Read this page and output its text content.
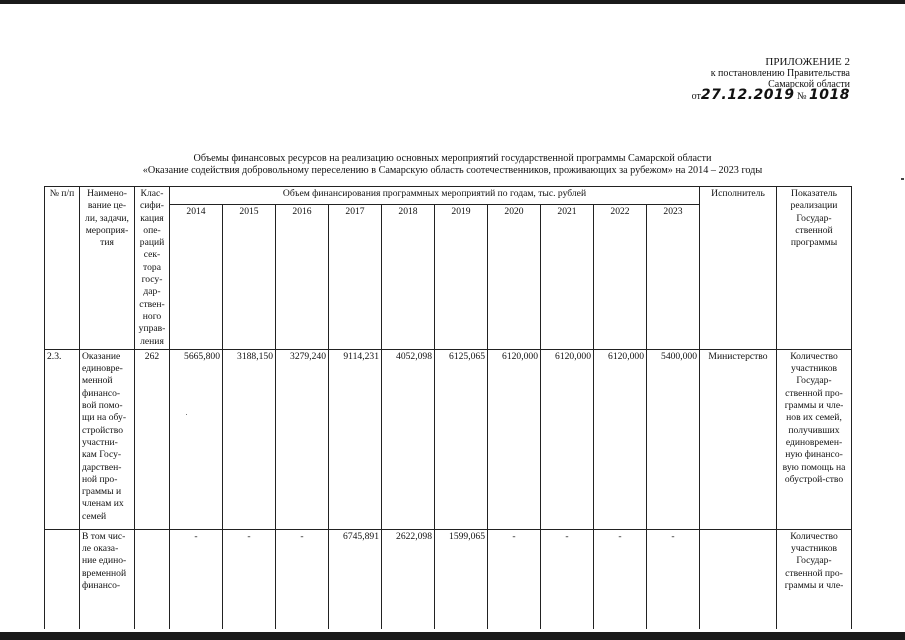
ПРИЛОЖЕНИЕ 2
к постановлению Правительства
Самарской области
от27.12.2019 № 1018
Объемы финансовых ресурсов на реализацию основных мероприятий государственной программы Самарской области
«Оказание содействия добровольному переселению в Самарскую область соотечественников, проживающих за рубежом» на 2014 – 2023 годы
№ п/п	Наимено-вание це-ли, задачи, мероприя-тия	Клас-сифи-кация опе-раций сек-тора госу-дар-ствен-ного управ-ления	Объем финансирования программных мероприятий по годам, тыс. рублей										Исполнитель	Показатель реализации Государ-ственной программы
			2014	2015	2016	2017	2018	2019	2020	2021	2022	2023		
2.3.	Оказание единовре-менной финансо-вой помо-щи на обу-стройство участни-кам Госу-дарствен-ной про-граммы и членам их семей	262	5665,800	3188,150	3279,240	9114,231	4052,098	6125,065	6120,000	6120,000	6120,000	5400,000	Министерство	Количество участников Государ-ственной про-граммы и чле-нов их семей, получивших единовремен-ную финансо-вую помощь на обустрой-ство
	В том чис-ле оказа-ние едино-временной финансо-		-	-	-	6745,891	2622,098	1599,065	-	-	-	-		Количество участников Государ-ственной про-граммы и чле-
